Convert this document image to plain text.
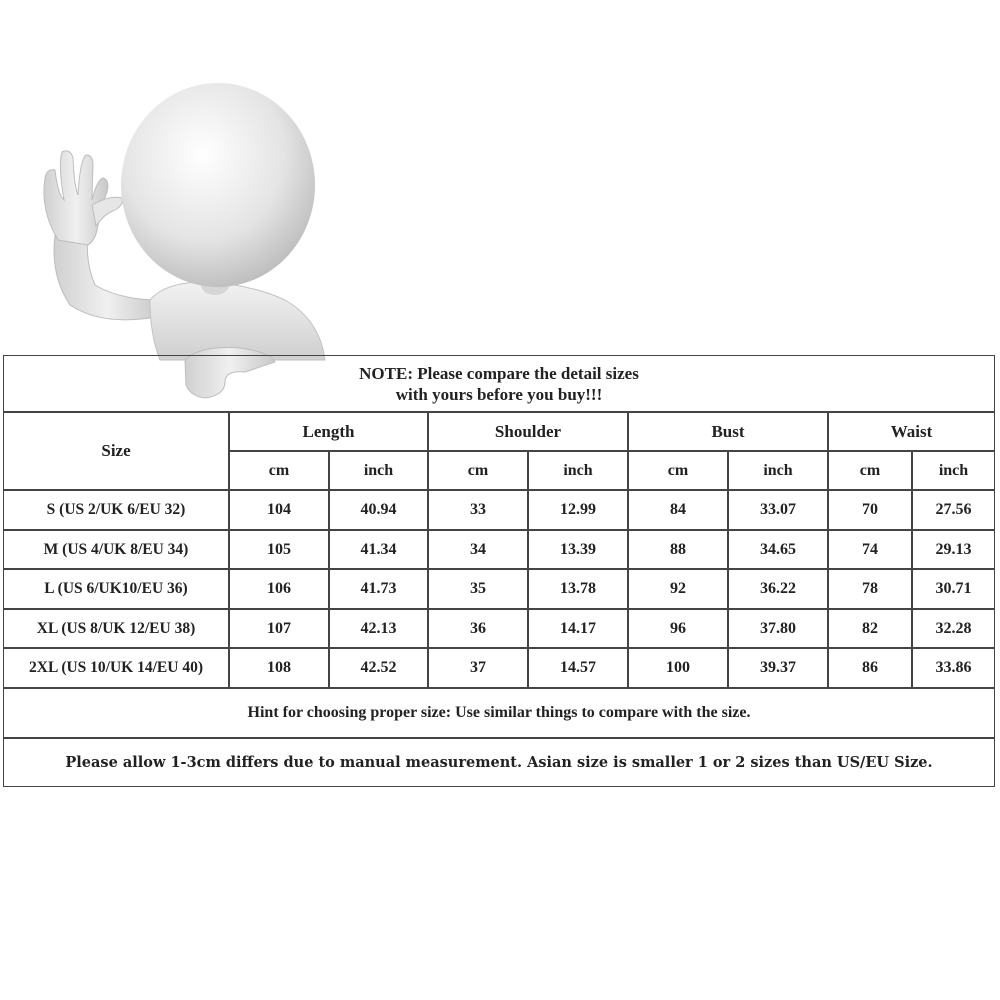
NOTE: Please compare the detail sizes
with yours before you buy!!!
Size
Length	Shoulder	Bust	Waist
cm	inch	cm	inch	cm	inch	cm	inch
S (US 2/UK 6/EU 32)	104	40.94	33	12.99	84	33.07	70	27.56
M (US 4/UK 8/EU 34)	105	41.34	34	13.39	88	34.65	74	29.13
L (US 6/UK10/EU 36)	106	41.73	35	13.78	92	36.22	78	30.71
XL (US 8/UK 12/EU 38)	107	42.13	36	14.17	96	37.80	82	32.28
2XL (US 10/UK 14/EU 40)	108	42.52	37	14.57	100	39.37	86	33.86
Hint for choosing proper size: Use similar things to compare with the size.
Please allow 1-3cm differs due to manual measurement. Asian size is smaller 1 or 2 sizes than US/EU Size.
